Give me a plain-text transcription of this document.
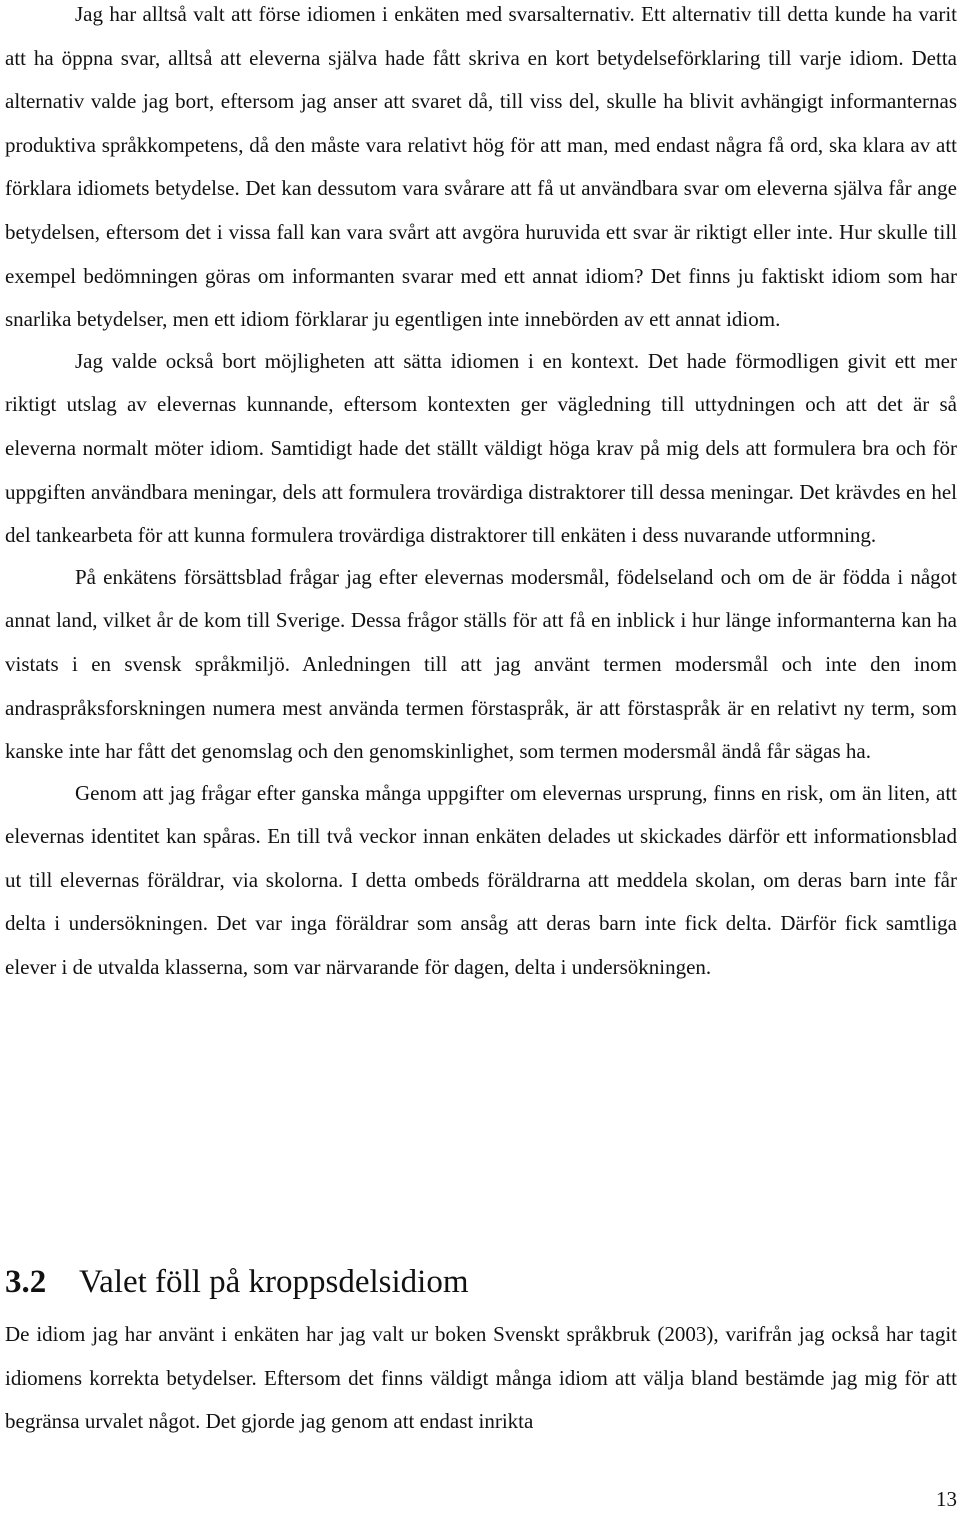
Jag har alltså valt att förse idiomen i enkäten med svarsalternativ. Ett alternativ till detta kunde ha varit att ha öppna svar, alltså att eleverna själva hade fått skriva en kort betydelseförklaring till varje idiom. Detta alternativ valde jag bort, eftersom jag anser att svaret då, till viss del, skulle ha blivit avhängigt informanternas produktiva språkkompetens, då den måste vara relativt hög för att man, med endast några få ord, ska klara av att förklara idiomets betydelse. Det kan dessutom vara svårare att få ut användbara svar om eleverna själva får ange betydelsen, eftersom det i vissa fall kan vara svårt att avgöra huruvida ett svar är riktigt eller inte. Hur skulle till exempel bedömningen göras om informanten svarar med ett annat idiom? Det finns ju faktiskt idiom som har snarlika betydelser, men ett idiom förklarar ju egentligen inte innebörden av ett annat idiom.

Jag valde också bort möjligheten att sätta idiomen i en kontext. Det hade förmodligen givit ett mer riktigt utslag av elevernas kunnande, eftersom kontexten ger vägledning till uttydningen och att det är så eleverna normalt möter idiom. Samtidigt hade det ställt väldigt höga krav på mig dels att formulera bra och för uppgiften användbara meningar, dels att formulera trovärdiga distraktorer till dessa meningar. Det krävdes en hel del tankearbeta för att kunna formulera trovärdiga distraktorer till enkäten i dess nuvarande utformning.

På enkätens försättsblad frågar jag efter elevernas modersmål, födelseland och om de är födda i något annat land, vilket år de kom till Sverige. Dessa frågor ställs för att få en inblick i hur länge informanterna kan ha vistats i en svensk språkmiljö. Anledningen till att jag använt termen modersmål och inte den inom andraspråksforskningen numera mest använda termen förstaspråk, är att förstaspråk är en relativt ny term, som kanske inte har fått det genomslag och den genomskinlighet, som termen modersmål ändå får sägas ha.

Genom att jag frågar efter ganska många uppgifter om elevernas ursprung, finns en risk, om än liten, att elevernas identitet kan spåras. En till två veckor innan enkäten delades ut skickades därför ett informationsblad ut till elevernas föräldrar, via skolorna. I detta ombeds föräldrarna att meddela skolan, om deras barn inte får delta i undersökningen. Det var inga föräldrar som ansåg att deras barn inte fick delta. Därför fick samtliga elever i de utvalda klasserna, som var närvarande för dagen, delta i undersökningen.

3.2 Valet föll på kroppsdelsidiom

De idiom jag har använt i enkäten har jag valt ur boken Svenskt språkbruk (2003), varifrån jag också har tagit idiomens korrekta betydelser. Eftersom det finns väldigt många idiom att välja bland bestämde jag mig för att begränsa urvalet något. Det gjorde jag genom att endast inrikta

13
